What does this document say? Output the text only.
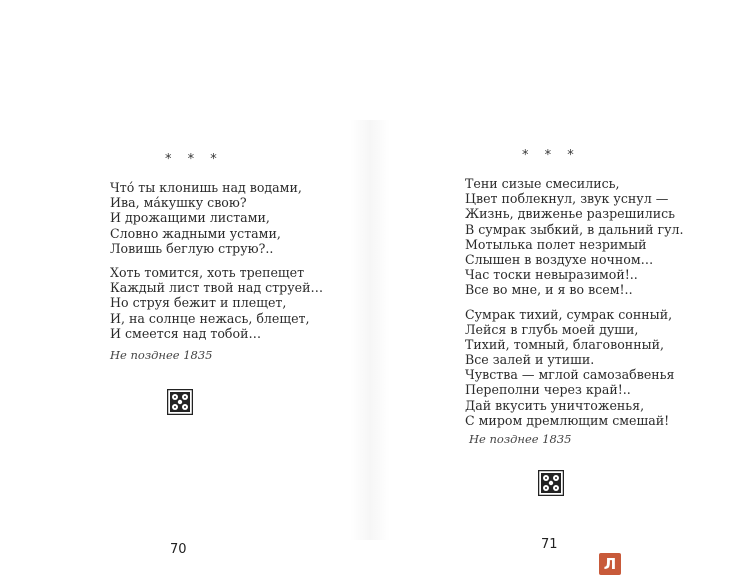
* * *
Что́ ты клонишь над водами,
Ива, ма́кушку свою?
И дрожащими листами,
Словно жадными устами,
Ловишь беглую струю?..
Хоть томится, хоть трепещет
Каждый лист твой над струей…
Но струя бежит и плещет,
И, на солнце нежась, блещет,
И смеется над тобой…
Не позднее 1835
70
* * *
Тени сизые смесились,
Цвет поблекнул, звук уснул —
Жизнь, движенье разрешились
В сумрак зыбкий, в дальний гул.
Мотылька полет незримый
Слышен в воздухе ночном…
Час тоски невыразимой!..
Все во мне, и я во всем!..
Сумрак тихий, сумрак сонный,
Лейся в глубь моей души,
Тихий, томный, благовонный,
Все залей и утиши.
Чувства — мглой самозабвенья
Переполни через край!..
Дай вкусить уничтоженья,
С миром дремлющим смешай!
Не позднее 1835
71
Л
